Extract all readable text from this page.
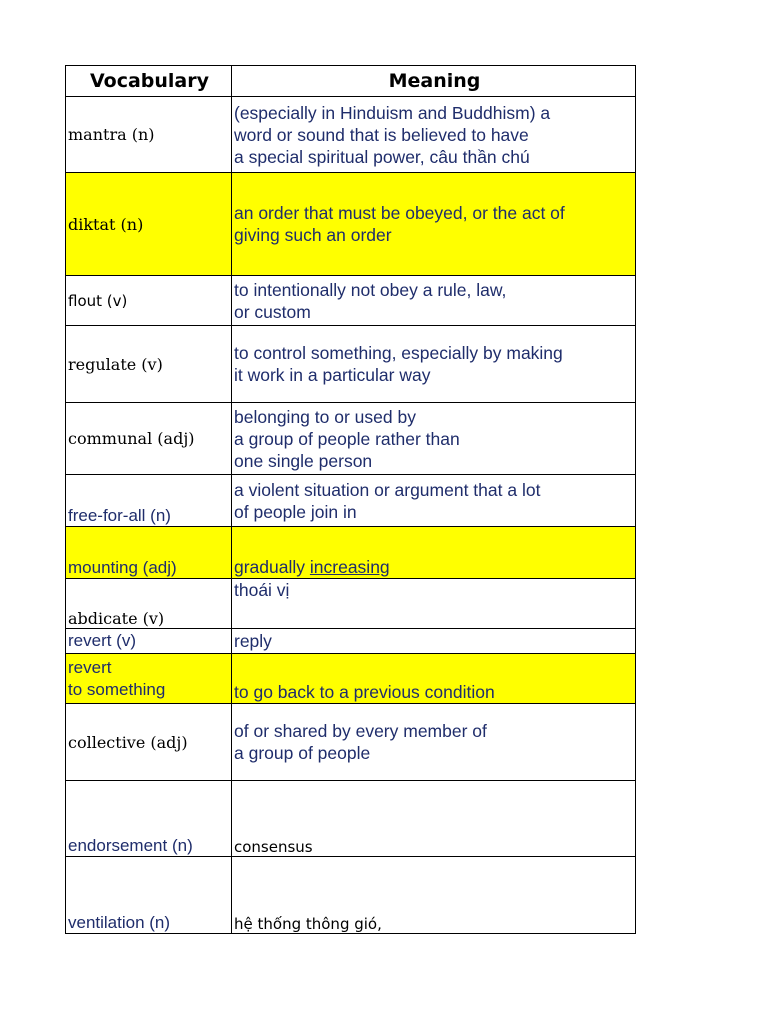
Vocabulary	Meaning
mantra (n)	(especially in Hinduism and Buddhism) a
word or sound that is believed to have
a special spiritual power, câu thần chú

diktat (n)	an order that must be obeyed, or the act of
giving such an order

flout (v)	to intentionally not obey a rule, law,
or custom

regulate (v)	to control something, especially by making
it work in a particular way

communal (adj)	belonging to or used by
a group of people rather than
one single person

free-for-all (n)	a violent situation or argument that a lot
of people join in

mounting (adj)	gradually increasing
abdicate (v)	thoái vị
revert (v)	reply

revert
to something	to go back to a previous condition
collective (adj)	of or shared by every member of
a group of people

endorsement (n)	consensus
ventilation (n)	hệ thống thông gió,
